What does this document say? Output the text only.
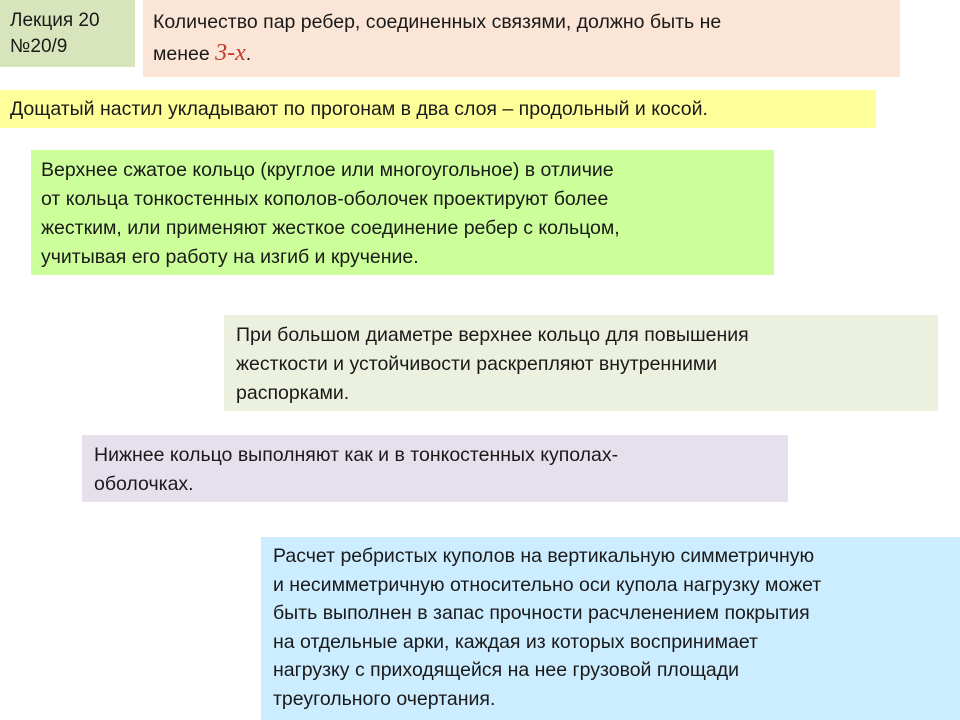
Лекция 20
№20/9
Количество пар ребер, соединенных связями, должно быть не
менее 3-х.
Дощатый настил укладывают по прогонам в два слоя – продольный и косой.
Верхнее сжатое кольцо (круглое или многоугольное) в отличие
от кольца тонкостенных кополов-оболочек проектируют более
жестким, или применяют жесткое соединение ребер с кольцом,
учитывая его работу на изгиб и кручение.
При большом диаметре верхнее кольцо для повышения
жесткости и устойчивости раскрепляют внутренними
распорками.
Нижнее кольцо выполняют как и в тонкостенных куполах-
оболочках.
Расчет ребристых куполов на вертикальную симметричную
и несимметричную относительно оси купола нагрузку может
быть выполнен в запас прочности расчленением покрытия
на отдельные арки, каждая из которых воспринимает
нагрузку с приходящейся на нее грузовой площади
треугольного очертания.
